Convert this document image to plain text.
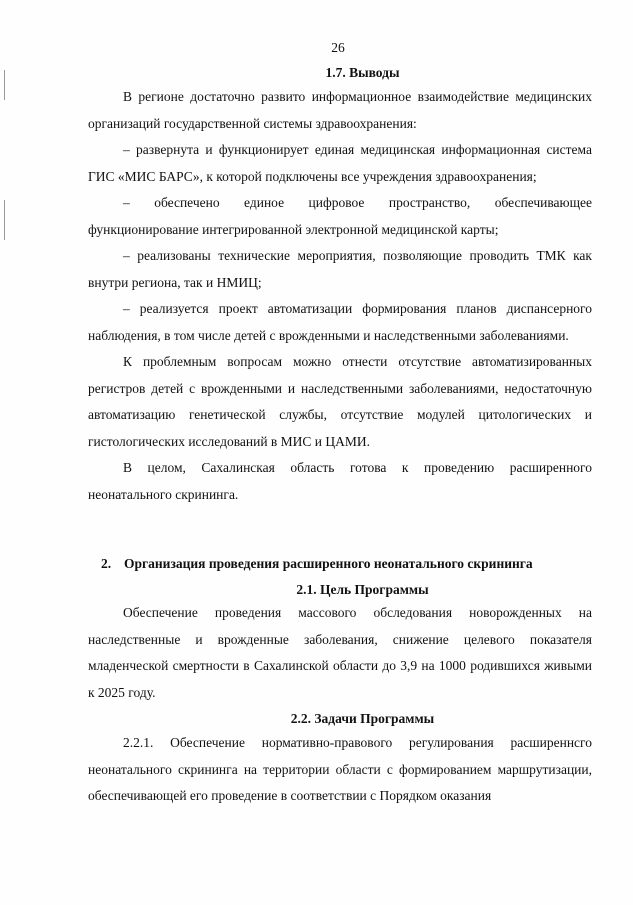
26
1.7. Выводы

В регионе достаточно развито информационное взаимодействие медицинских организаций государственной системы здравоохранения:

– развернута и функционирует единая медицинская информационная система ГИС «МИС БАРС», к которой подключены все учреждения здравоохранения;

– обеспечено единое цифровое пространство, обеспечивающее функционирование интегрированной электронной медицинской карты;

– реализованы технические мероприятия, позволяющие проводить ТМК как внутри региона, так и НМИЦ;

– реализуется проект автоматизации формирования планов диспансерного наблюдения, в том числе детей с врожденными и наследственными заболеваниями.

К проблемным вопросам можно отнести отсутствие автоматизированных регистров детей с врожденными и наследственными заболеваниями, недостаточную автоматизацию генетической службы, отсутствие модулей цитологических и гистологических исследований в МИС и ЦАМИ.

В целом, Сахалинская область готова к проведению расширенного неонатального скрининга.

2. Организация проведения расширенного неонатального скрининга
2.1. Цель Программы

Обеспечение проведения массового обследования новорожденных на наследственные и врожденные заболевания, снижение целевого показателя младенческой смертности в Сахалинской области до 3,9 на 1000 родившихся живыми к 2025 году.

2.2. Задачи Программы

2.2.1. Обеспечение нормативно-правового регулирования расширеннсго неонатального скрининга на территории области с формированием маршрутизации, обеспечивающей его проведение в соответствии с Порядком оказания
